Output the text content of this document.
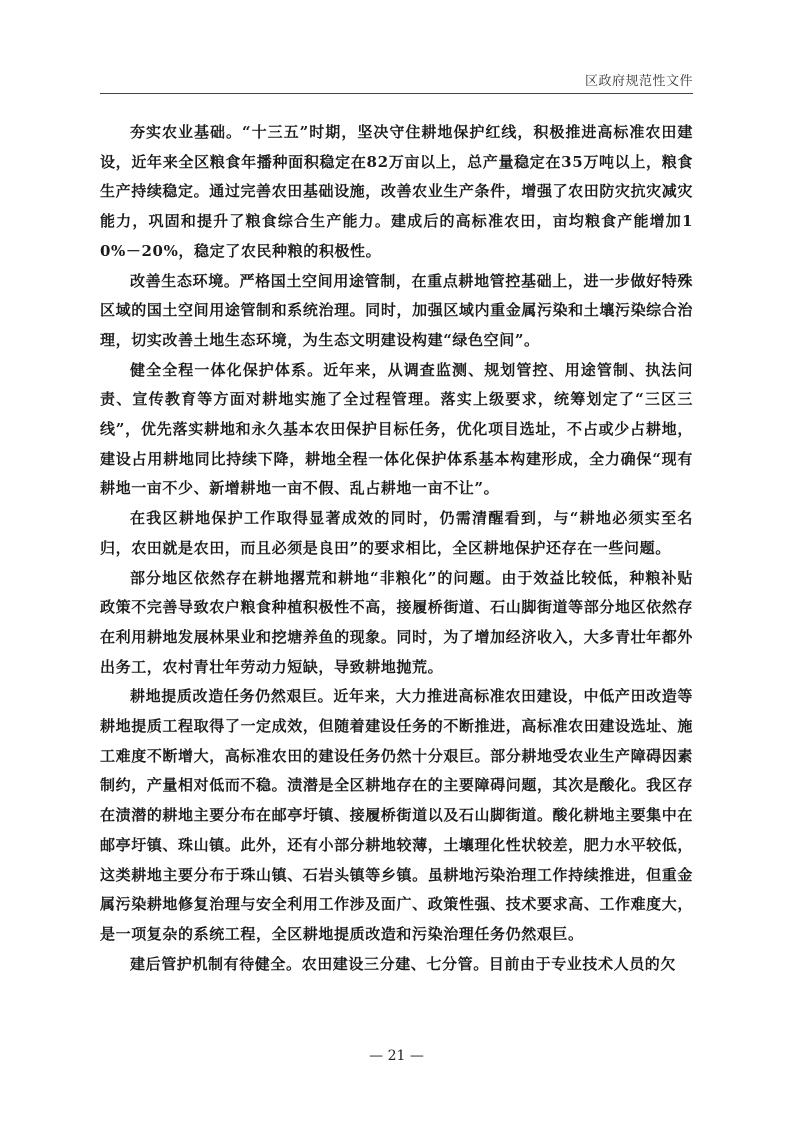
区政府规范性文件

夯实农业基础。“十三五”时期，坚决守住耕地保护红线，积极推进高标准农田建设，近年来全区粮食年播种面积稳定在82万亩以上，总产量稳定在35万吨以上，粮食生产持续稳定。通过完善农田基础设施，改善农业生产条件，增强了农田防灾抗灾减灾能力，巩固和提升了粮食综合生产能力。建成后的高标准农田，亩均粮食产能增加10%－20%，稳定了农民种粮的积极性。

改善生态环境。严格国土空间用途管制，在重点耕地管控基础上，进一步做好特殊区域的国土空间用途管制和系统治理。同时，加强区域内重金属污染和土壤污染综合治理，切实改善土地生态环境，为生态文明建设构建“绿色空间”。

健全全程一体化保护体系。近年来，从调查监测、规划管控、用途管制、执法问责、宣传教育等方面对耕地实施了全过程管理。落实上级要求，统筹划定了“三区三线”，优先落实耕地和永久基本农田保护目标任务，优化项目选址，不占或少占耕地，建设占用耕地同比持续下降，耕地全程一体化保护体系基本构建形成，全力确保“现有耕地一亩不少、新增耕地一亩不假、乱占耕地一亩不让”。

在我区耕地保护工作取得显著成效的同时，仍需清醒看到，与“耕地必须实至名归，农田就是农田，而且必须是良田”的要求相比，全区耕地保护还存在一些问题。

部分地区依然存在耕地撂荒和耕地“非粮化”的问题。由于效益比较低，种粮补贴政策不完善导致农户粮食种植积极性不高，接履桥街道、石山脚街道等部分地区依然存在利用耕地发展林果业和挖塘养鱼的现象。同时，为了增加经济收入，大多青壮年都外出务工，农村青壮年劳动力短缺，导致耕地抛荒。

耕地提质改造任务仍然艰巨。近年来，大力推进高标准农田建设，中低产田改造等耕地提质工程取得了一定成效，但随着建设任务的不断推进，高标准农田建设选址、施工难度不断增大，高标准农田的建设任务仍然十分艰巨。部分耕地受农业生产障碍因素制约，产量相对低而不稳。渍潜是全区耕地存在的主要障碍问题，其次是酸化。我区存在渍潜的耕地主要分布在邮亭圩镇、接履桥街道以及石山脚街道。酸化耕地主要集中在邮亭圩镇、珠山镇。此外，还有小部分耕地较薄，土壤理化性状较差，肥力水平较低，这类耕地主要分布于珠山镇、石岩头镇等乡镇。虽耕地污染治理工作持续推进，但重金属污染耕地修复治理与安全利用工作涉及面广、政策性强、技术要求高、工作难度大，是一项复杂的系统工程，全区耕地提质改造和污染治理任务仍然艰巨。

建后管护机制有待健全。农田建设三分建、七分管。目前由于专业技术人员的欠

— 21 —
